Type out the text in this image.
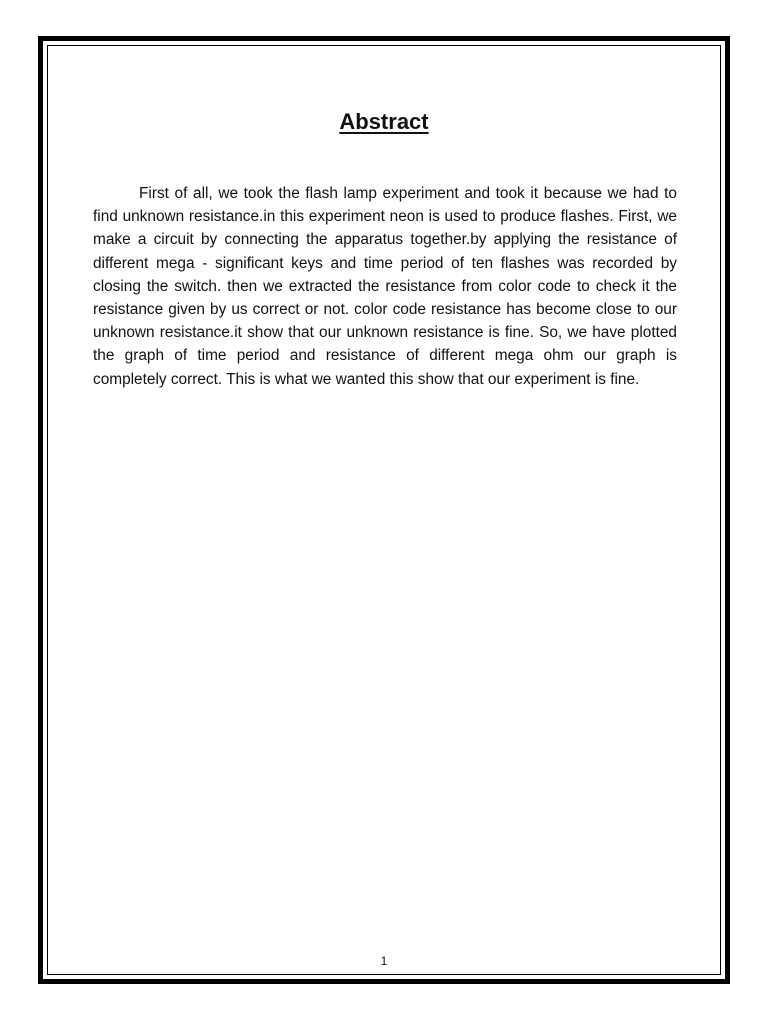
Abstract

First of all, we took the flash lamp experiment and took it because we had to find unknown resistance.in this experiment neon is used to produce flashes. First, we make a circuit by connecting the apparatus together.by applying the resistance of different mega - significant keys and time period of ten flashes was recorded by closing the switch. then we extracted the resistance from color code to check it the resistance given by us correct or not. color code resistance has become close to our unknown resistance.it show that our unknown resistance is fine. So, we have plotted the graph of time period and resistance of different mega ohm our graph is completely correct. This is what we wanted this show that our experiment is fine.

1
